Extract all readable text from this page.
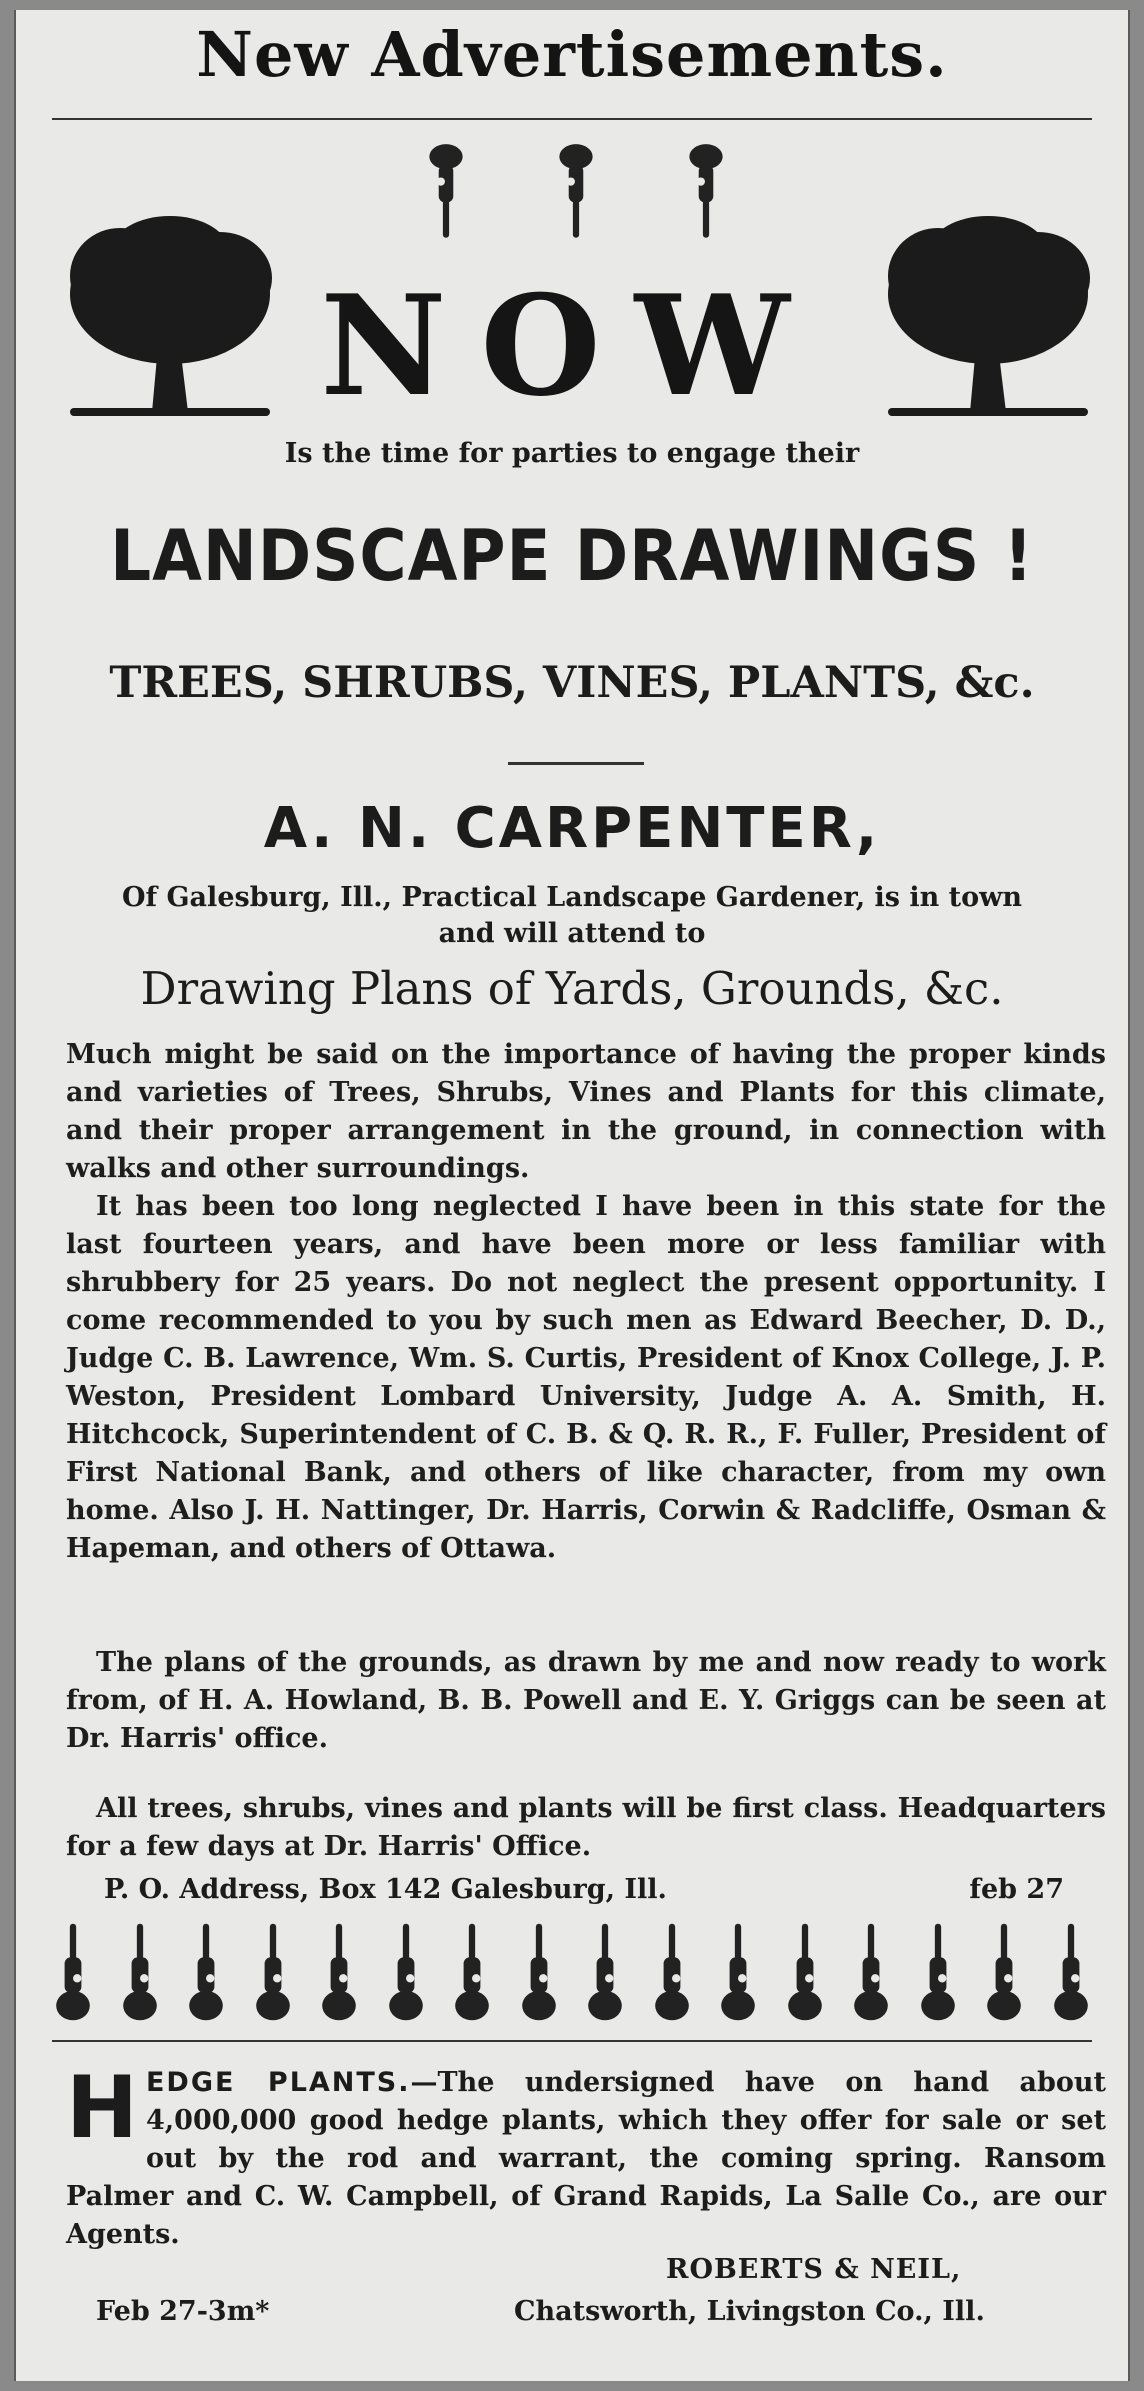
New Advertisements.
NOW
Is the time for parties to engage their
LANDSCAPE DRAWINGS !
TREES, SHRUBS, VINES, PLANTS, &c.
A. N. CARPENTER,
Of Galesburg, Ill., Practical Landscape Gardener, is in town
and will attend to
Drawing Plans of Yards, Grounds, &c.
Much might be said on the importance of having the proper kinds and varieties of Trees, Shrubs, Vines and Plants for this climate, and their proper arrangement in the ground, in connection with walks and other surroundings.
It has been too long neglected I have been in this state for the last fourteen years, and have been more or less familiar with shrubbery for 25 years. Do not neglect the present opportunity. I come recommended to you by such men as Edward Beecher, D. D., Judge C. B. Lawrence, Wm. S. Curtis, President of Knox College, J. P. Weston, President Lombard University, Judge A. A. Smith, H. Hitchcock, Superintendent of C. B. & Q. R. R., F. Fuller, President of First National Bank, and others of like character, from my own home. Also J. H. Nattinger, Dr. Harris, Corwin & Radcliffe, Osman & Hapeman, and others of Ottawa.
The plans of the grounds, as drawn by me and now ready to work from, of H. A. Howland, B. B. Powell and E. Y. Griggs can be seen at Dr. Harris' office.
All trees, shrubs, vines and plants will be first class. Headquarters for a few days at Dr. Harris' Office.
P. O. Address, Box 142 Galesburg, Ill.	feb 27
H EDGE PLANTS.—The undersigned have on hand about 4,000,000 good hedge plants, which they offer for sale or set out by the rod and warrant, the coming spring. Ransom Palmer and C. W. Campbell, of Grand Rapids, La Salle Co., are our Agents.
ROBERTS & NEIL,
Feb 27-3m*	Chatsworth, Livingston Co., Ill.
